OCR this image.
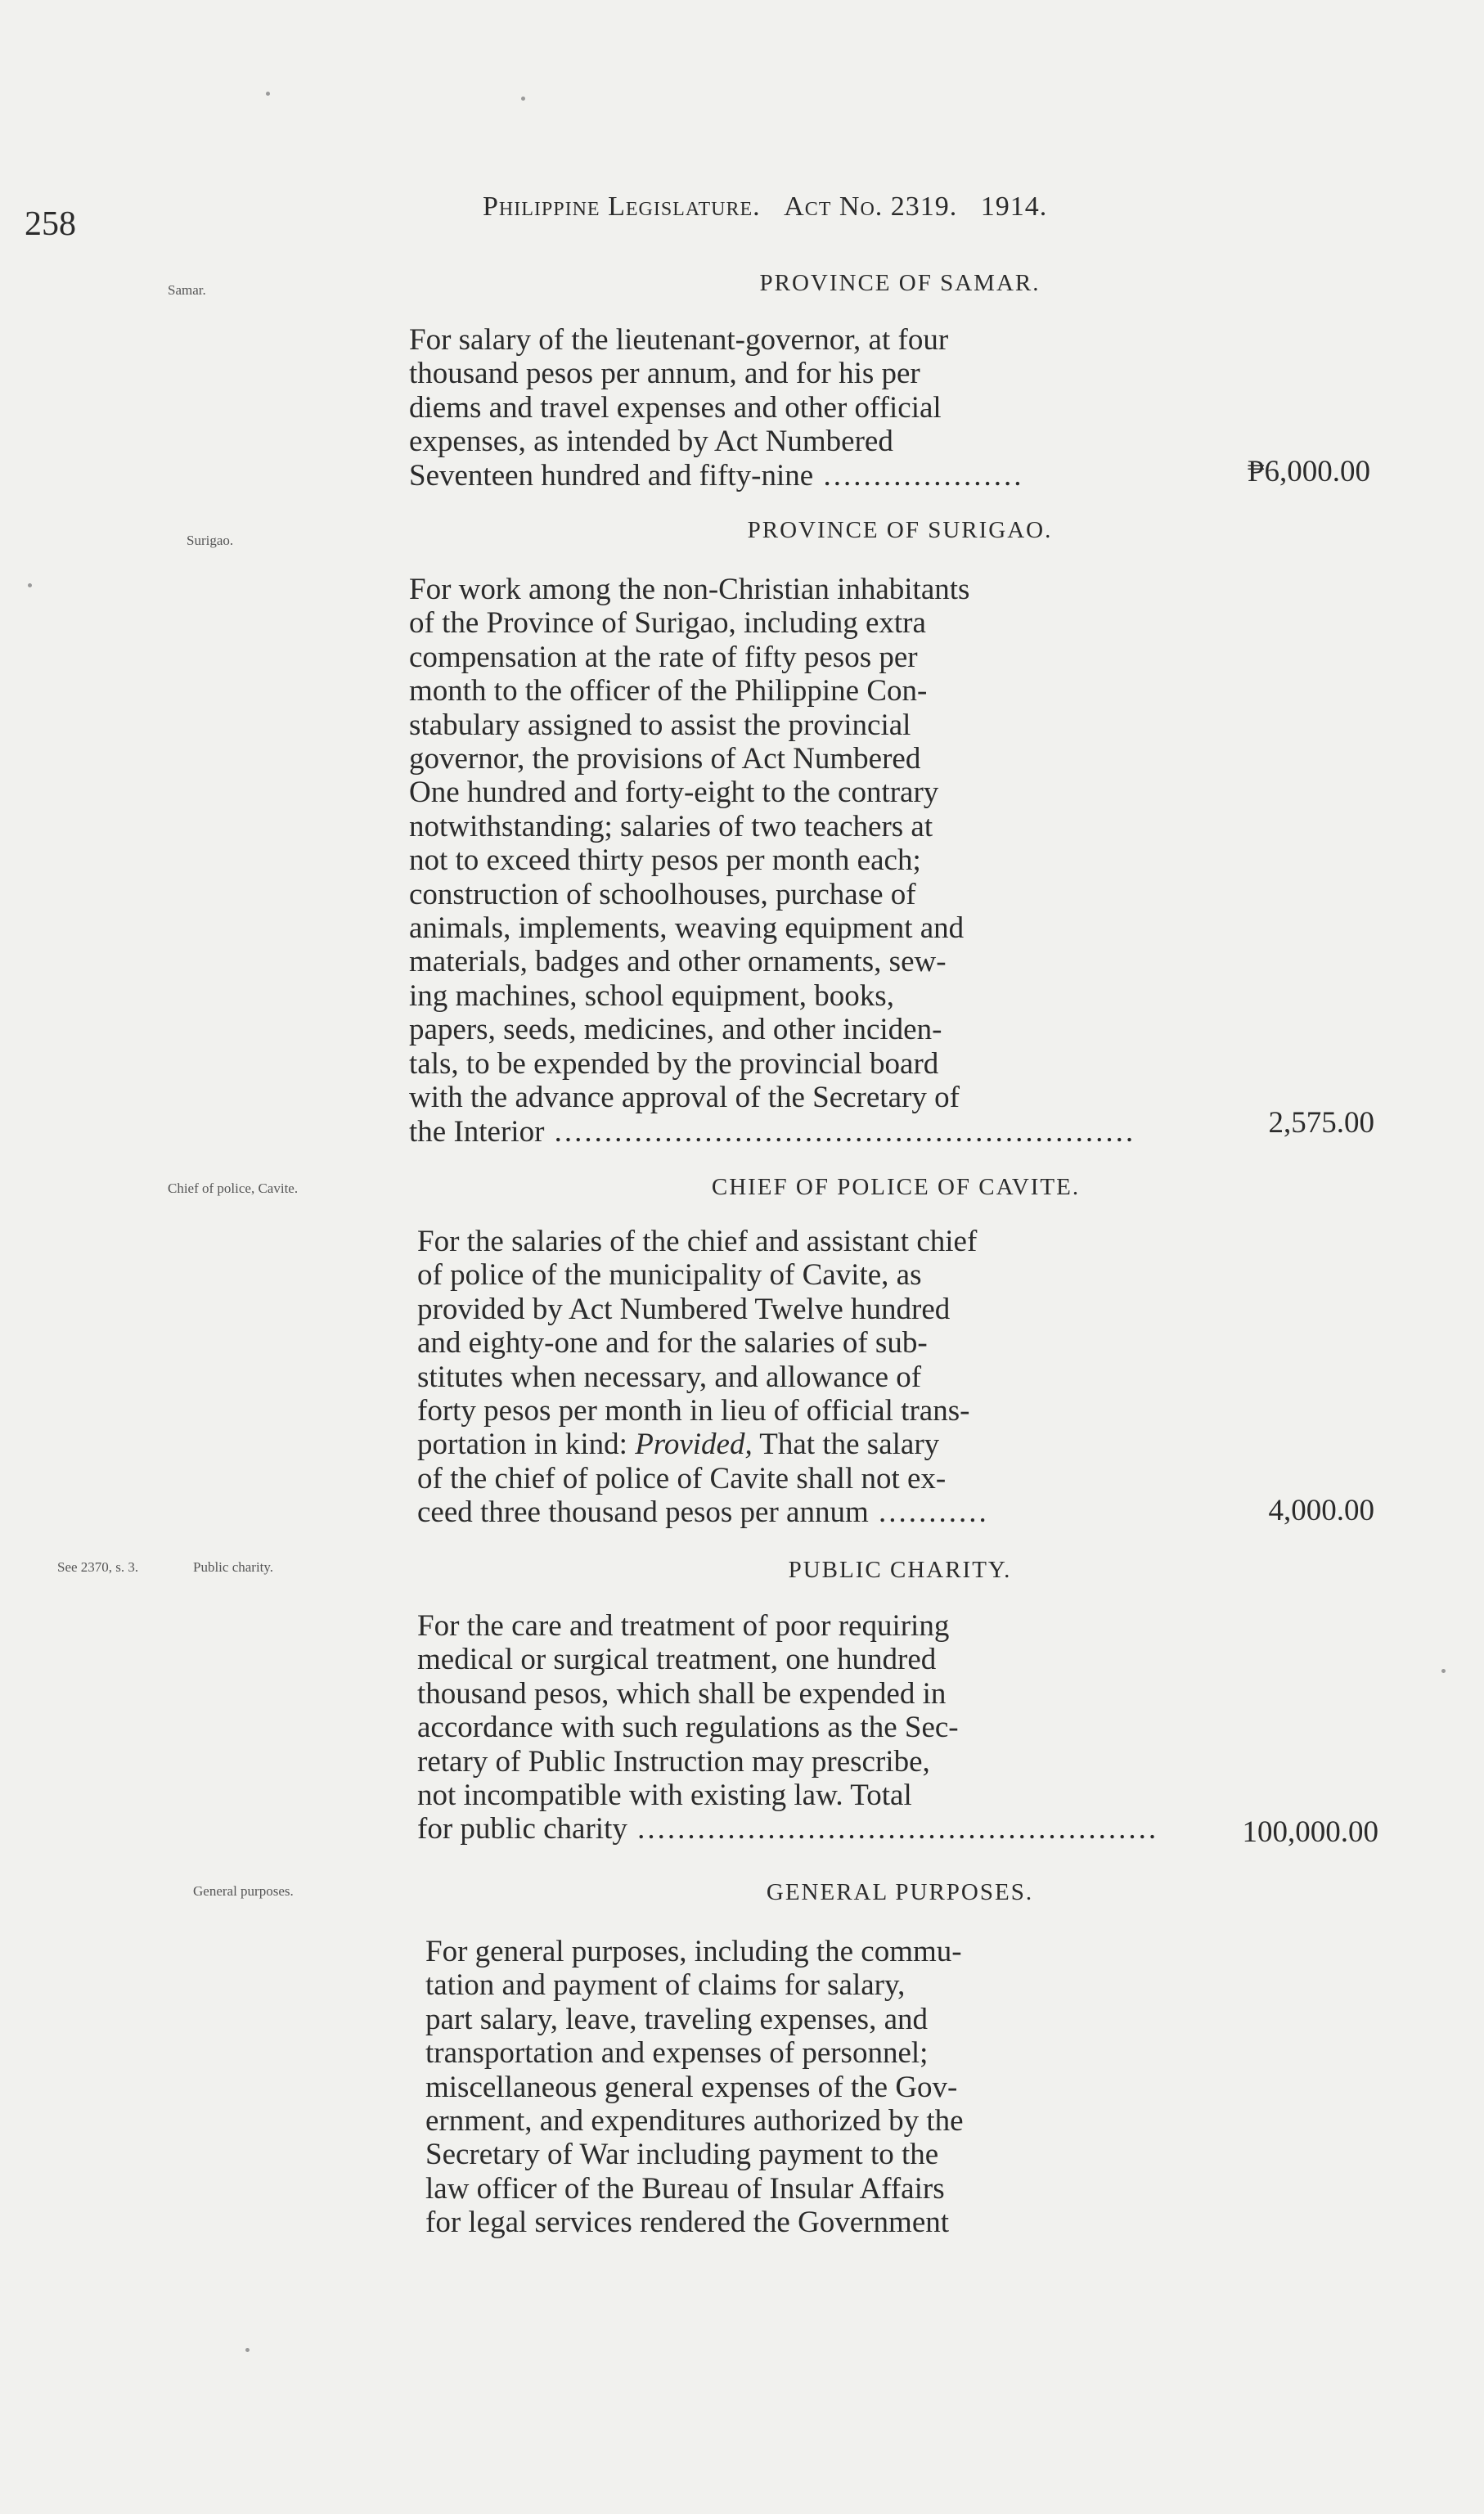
258	Philippine Legislature. Act No. 2319. 1914.
Samar.	PROVINCE OF SAMAR.
For salary of the lieutenant-governor, at four
thousand pesos per annum, and for his per
diems and travel expenses and other official
expenses, as intended by Act Numbered
Seventeen hundred and fifty-nine ....................	₱6,000.00
Surigao.	PROVINCE OF SURIGAO.
For work among the non-Christian inhabitants
of the Province of Surigao, including extra
compensation at the rate of fifty pesos per
month to the officer of the Philippine Con-
stabulary assigned to assist the provincial
governor, the provisions of Act Numbered
One hundred and forty-eight to the contrary
notwithstanding; salaries of two teachers at
not to exceed thirty pesos per month each;
construction of schoolhouses, purchase of
animals, implements, weaving equipment and
materials, badges and other ornaments, sew-
ing machines, school equipment, books,
papers, seeds, medicines, and other inciden-
tals, to be expended by the provincial board
with the advance approval of the Secretary of
the Interior ..........................................................	2,575.00
Chief of police, Cavite.	CHIEF OF POLICE OF CAVITE.
For the salaries of the chief and assistant chief
of police of the municipality of Cavite, as
provided by Act Numbered Twelve hundred
and eighty-one and for the salaries of sub-
stitutes when necessary, and allowance of
forty pesos per month in lieu of official trans-
portation in kind: Provided, That the salary
of the chief of police of Cavite shall not ex-
ceed three thousand pesos per annum ...........	4,000.00
See 2370, s. 3.	Public charity.	PUBLIC CHARITY.
For the care and treatment of poor requiring
medical or surgical treatment, one hundred
thousand pesos, which shall be expended in
accordance with such regulations as the Sec-
retary of Public Instruction may prescribe,
not incompatible with existing law. Total
for public charity ....................................................	100,000.00
General purposes.	GENERAL PURPOSES.
For general purposes, including the commu-
tation and payment of claims for salary,
part salary, leave, traveling expenses, and
transportation and expenses of personnel;
miscellaneous general expenses of the Gov-
ernment, and expenditures authorized by the
Secretary of War including payment to the
law officer of the Bureau of Insular Affairs
for legal services rendered the Government
